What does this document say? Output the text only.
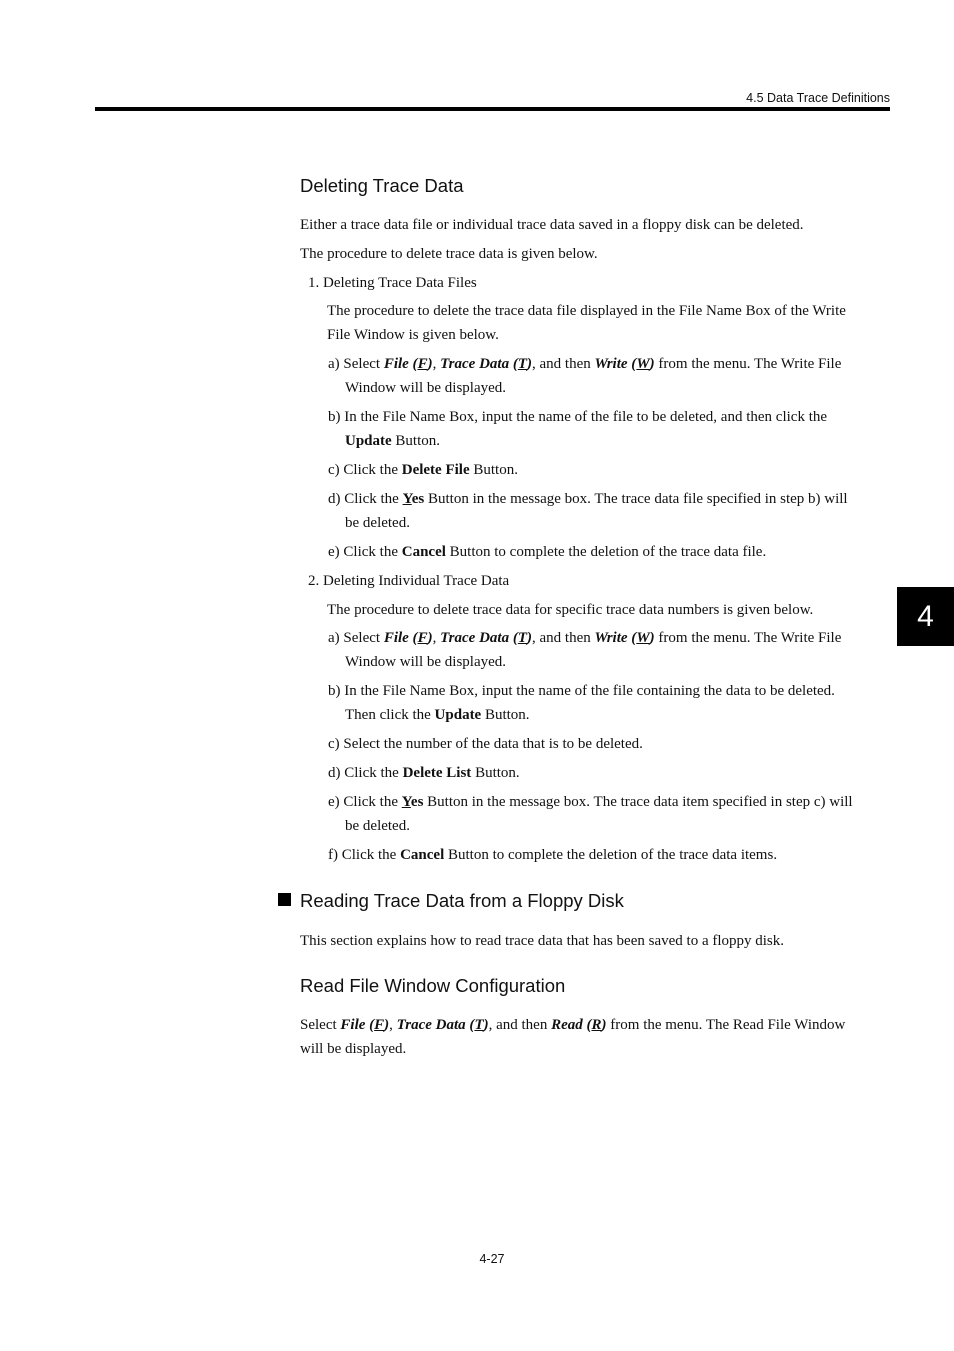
4.5 Data Trace Definitions
4
Deleting Trace Data
Either a trace data file or individual trace data saved in a floppy disk can be deleted.
The procedure to delete trace data is given below.
1. Deleting Trace Data Files
The procedure to delete the trace data file displayed in the File Name Box of the Write
File Window is given below.
a) Select File (F), Trace Data (T), and then Write (W) from the menu. The Write File
Window will be displayed.
b) In the File Name Box, input the name of the file to be deleted, and then click the
Update Button.
c) Click the Delete File Button.
d) Click the Yes Button in the message box. The trace data file specified in step b) will
be deleted.
e) Click the Cancel Button to complete the deletion of the trace data file.
2. Deleting Individual Trace Data
The procedure to delete trace data for specific trace data numbers is given below.
a) Select File (F), Trace Data (T), and then Write (W) from the menu. The Write File
Window will be displayed.
b) In the File Name Box, input the name of the file containing the data to be deleted.
Then click the Update Button.
c) Select the number of the data that is to be deleted.
d) Click the Delete List Button.
e) Click the Yes Button in the message box. The trace data item specified in step c) will
be deleted.
f) Click the Cancel Button to complete the deletion of the trace data items.
Reading Trace Data from a Floppy Disk
This section explains how to read trace data that has been saved to a floppy disk.
Read File Window Configuration
Select File (F), Trace Data (T), and then Read (R) from the menu. The Read File Window
will be displayed.
4-27
